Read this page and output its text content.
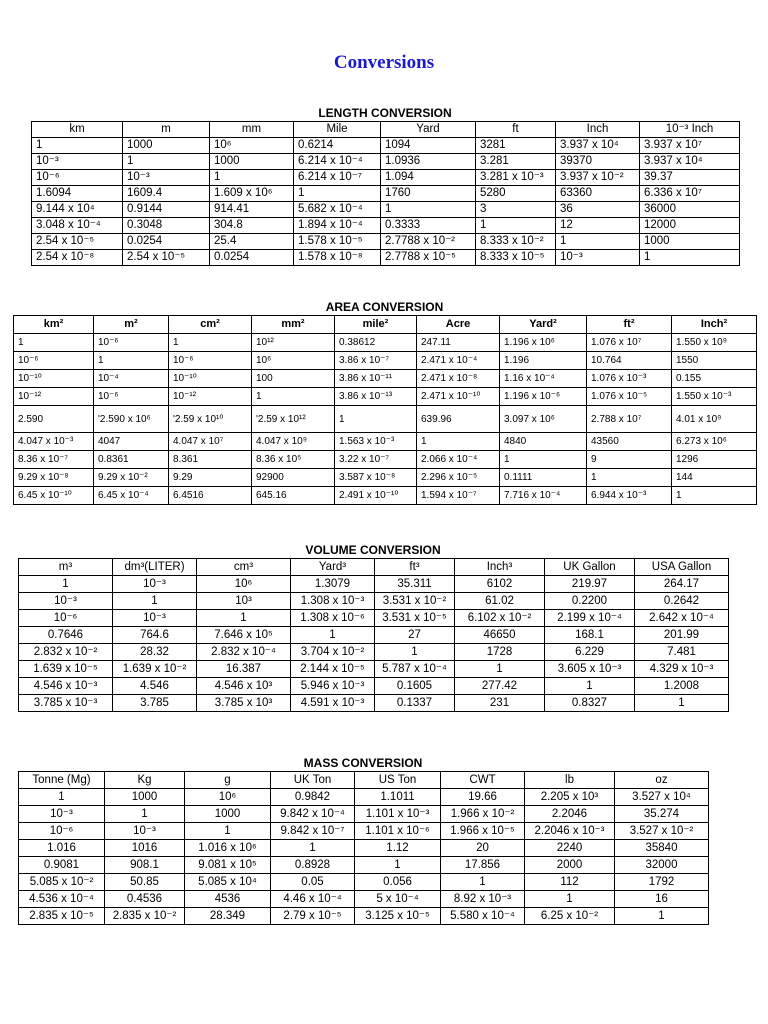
Conversions
LENGTH CONVERSION
km	m	mm	Mile	Yard	ft	Inch	10⁻³ Inch
1	1000	10⁶	0.6214	1094	3281	3.937 x 10⁴	3.937 x 10⁷
10⁻³	1	1000	6.214 x 10⁻⁴	1.0936	3.281	39370	3.937 x 10⁴
10⁻⁶	10⁻³	1	6.214 x 10⁻⁷	1.094	3.281 x 10⁻³	3.937 x 10⁻²	39.37
1.6094	1609.4	1.609 x 10⁶	1	1760	5280	63360	6.336 x 10⁷
9.144 x 10⁴	0.9144	914.41	5.682 x 10⁻⁴	1	3	36	36000
3.048 x 10⁻⁴	0.3048	304.8	1.894 x 10⁻⁴	0.3333	1	12	12000
2.54 x 10⁻⁵	0.0254	25.4	1.578 x 10⁻⁵	2.7788 x 10⁻²	8.333 x 10⁻²	1	1000
2.54 x 10⁻⁸	2.54 x 10⁻⁵	0.0254	1.578 x 10⁻⁸	2.7788 x 10⁻⁵	8.333 x 10⁻⁵	10⁻³	1
AREA CONVERSION
km²	m²	cm²	mm²	mile²	Acre	Yard²	ft²	Inch²
1	10⁻⁶	1	10¹²	0.38612	247.11	1.196 x 10⁶	1.076 x 10⁷	1.550 x 10⁹
10⁻⁶	1	10⁻⁶	10⁶	3.86 x 10⁻⁷	2.471 x 10⁻⁴	1.196	10.764	1550
10⁻¹⁰	10⁻⁴	10⁻¹⁰	100	3.86 x 10⁻¹¹	2.471 x 10⁻⁸	1.16 x 10⁻⁴	1.076 x 10⁻³	0.155
10⁻¹²	10⁻⁶	10⁻¹²	1	3.86 x 10⁻¹³	2.471 x 10⁻¹⁰	1.196 x 10⁻⁶	1.076 x 10⁻⁵	1.550 x 10⁻³
2.590	'2.590 x 10⁶	'2.59 x 10¹⁰	'2.59 x 10¹²	1	639.96	3.097 x 10⁶	2.788 x 10⁷	4.01 x 10⁹
4.047 x 10⁻³	4047	4.047 x 10⁷	4.047 x 10⁹	1.563 x 10⁻³	1	4840	43560	6.273 x 10⁶
8.36 x 10⁻⁷	0.8361	8.361	8.36 x 10⁵	3.22 x 10⁻⁷	2.066 x 10⁻⁴	1	9	1296
9.29 x 10⁻⁸	9.29 x 10⁻²	9.29	92900	3.587 x 10⁻⁸	2.296 x 10⁻⁵	0.1111	1	144
6.45 x 10⁻¹⁰	6.45 x 10⁻⁴	6.4516	645.16	2.491 x 10⁻¹⁰	1.594 x 10⁻⁷	7.716 x 10⁻⁴	6.944 x 10⁻³	1
VOLUME CONVERSION
m³	dm³(LITER)	cm³	Yard³	ft³	Inch³	UK Gallon	USA Gallon
1	10⁻³	10⁶	1.3079	35.311	6102	219.97	264.17
10⁻³	1	10³	1.308 x 10⁻³	3.531 x 10⁻²	61.02	0.2200	0.2642
10⁻⁶	10⁻³	1	1.308 x 10⁻⁶	3.531 x 10⁻⁵	6.102 x 10⁻²	2.199 x 10⁻⁴	2.642 x 10⁻⁴
0.7646	764.6	7.646 x 10⁵	1	27	46650	168.1	201.99
2.832 x 10⁻²	28.32	2.832 x 10⁻⁴	3.704 x 10⁻²	1	1728	6.229	7.481
1.639 x 10⁻⁵	1.639 x 10⁻²	16.387	2.144 x 10⁻⁵	5.787 x 10⁻⁴	1	3.605 x 10⁻³	4.329 x 10⁻³
4.546 x 10⁻³	4.546	4.546 x 10³	5.946 x 10⁻³	0.1605	277.42	1	1.2008
3.785 x 10⁻³	3.785	3.785 x 10³	4.591 x 10⁻³	0.1337	231	0.8327	1
MASS CONVERSION
Tonne (Mg)	Kg	g	UK Ton	US Ton	CWT	lb	oz
1	1000	10⁶	0.9842	1.1011	19.66	2.205 x 10³	3.527 x 10⁴
10⁻³	1	1000	9.842 x 10⁻⁴	1.101 x 10⁻³	1.966 x 10⁻²	2.2046	35.274
10⁻⁶	10⁻³	1	9.842 x 10⁻⁷	1.101 x 10⁻⁶	1.966 x 10⁻⁵	2.2046 x 10⁻³	3.527 x 10⁻²
1.016	1016	1.016 x 10⁶	1	1.12	20	2240	35840
0.9081	908.1	9.081 x 10⁵	0.8928	1	17.856	2000	32000
5.085 x 10⁻²	50.85	5.085 x 10⁴	0.05	0.056	1	112	1792
4.536 x 10⁻⁴	0.4536	4536	4.46 x 10⁻⁴	5 x 10⁻⁴	8.92 x 10⁻³	1	16
2.835 x 10⁻⁵	2.835 x 10⁻²	28.349	2.79 x 10⁻⁵	3.125 x 10⁻⁵	5.580 x 10⁻⁴	6.25 x 10⁻²	1
